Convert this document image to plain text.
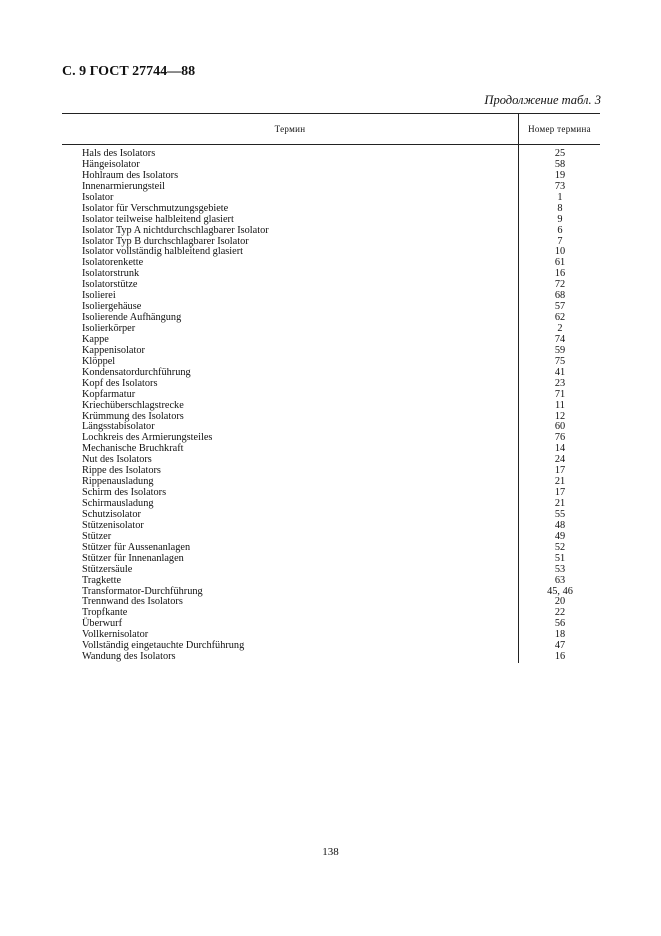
С. 9 ГОСТ 27744—88
Продолжение табл. 3
Термин	Номер термина
Hals des Isolators	25
Hängeisolator	58
Hohlraum des Isolators	19
Innenarmierungsteil	73
Isolator	1
Isolator für Verschmutzungsgebiete	8
Isolator teilweise halbleitend glasiert	9
Isolator Typ A nichtdurchschlagbarer Isolator	6
Isolator Typ B durchschlagbarer Isolator	7
Isolator vollständig halbleitend glasiert	10
Isolatorenkette	61
Isolatorstrunk	16
Isolatorstütze	72
Isolierei	68
Isoliergehäuse	57
Isolierende Aufhängung	62
Isolierkörper	2
Kappe	74
Kappenisolator	59
Klöppel	75
Kondensatordurchführung	41
Kopf des Isolators	23
Kopfarmatur	71
Kriechüberschlagstrecke	11
Krümmung des Isolators	12
Längsstabisolator	60
Lochkreis des Armierungsteiles	76
Mechanische Bruchkraft	14
Nut des Isolators	24
Rippe des Isolators	17
Rippenausladung	21
Schirm des Isolators	17
Schirmausladung	21
Schutzisolator	55
Stützenisolator	48
Stützer	49
Stützer für Aussenanlagen	52
Stützer für Innenanlagen	51
Stützersäule	53
Tragkette	63
Transformator-Durchführung	45, 46
Trennwand des Isolators	20
Tropfkante	22
Überwurf	56
Vollkernisolator	18
Vollständig eingetauchte Durchführung	47
Wandung des Isolators	16
138
